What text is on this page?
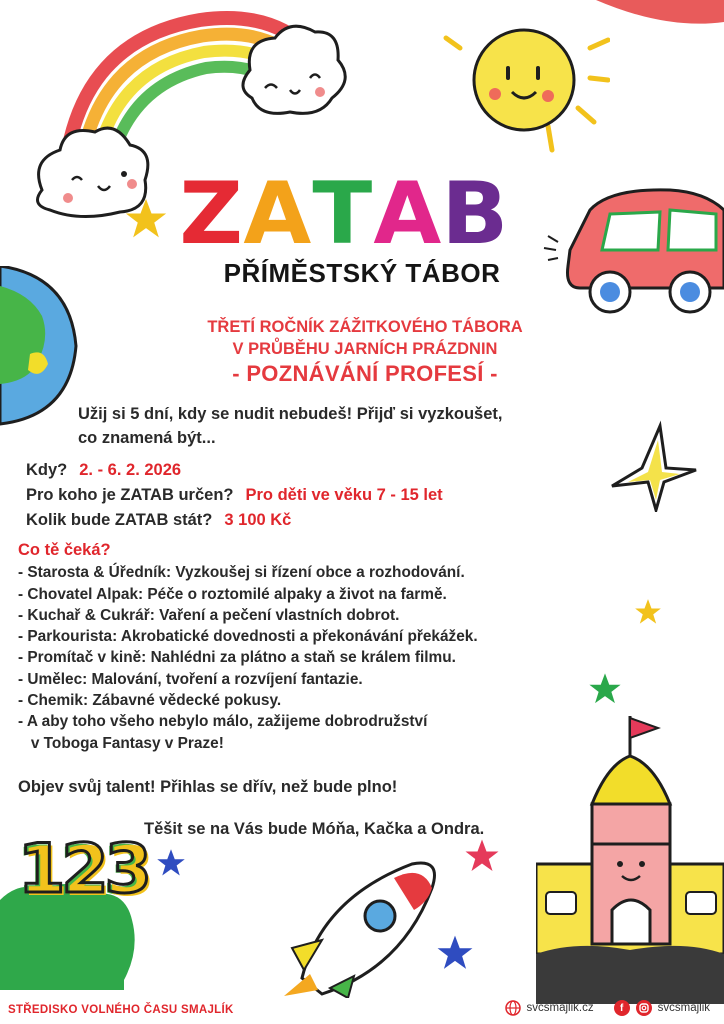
123
Z A T A B
PŘÍMĚSTSKÝ TÁBOR
TŘETÍ ROČNÍK ZÁŽITKOVÉHO TÁBORA
V PRŮBĚHU JARNÍCH PRÁZDNIN
- POZNÁVÁNÍ PROFESÍ -
Užij si 5 dní, kdy se nudit nebudeš! Přijď si vyzkoušet,
co znamená být...
Kdy? 2. - 6. 2. 2026
Pro koho je ZATAB určen? Pro děti ve věku 7 - 15 let
Kolik bude ZATAB stát? 3 100 Kč
Co tě čeká?
- Starosta & Úředník: Vyzkoušej si řízení obce a rozhodování.
- Chovatel Alpak: Péče o roztomilé alpaky a život na farmě.
- Kuchař & Cukrář: Vaření a pečení vlastních dobrot.
- Parkourista: Akrobatické dovednosti a překonávání překážek.
- Promítač v kině: Nahlédni za plátno a staň se králem filmu.
- Umělec: Malování, tvoření a rozvíjení fantazie.
- Chemik: Zábavné vědecké pokusy.
- A aby toho všeho nebylo málo, zažijeme dobrodružství
v Toboga Fantasy v Praze!
Objev svůj talent! Přihlas se dřív, než bude plno!
Těšit se na Vás bude Móňa, Kačka a Ondra.
STŘEDISKO VOLNÉHO ČASU SMAJLÍK	svcsmajlik.cz	f	svcsmajlik
